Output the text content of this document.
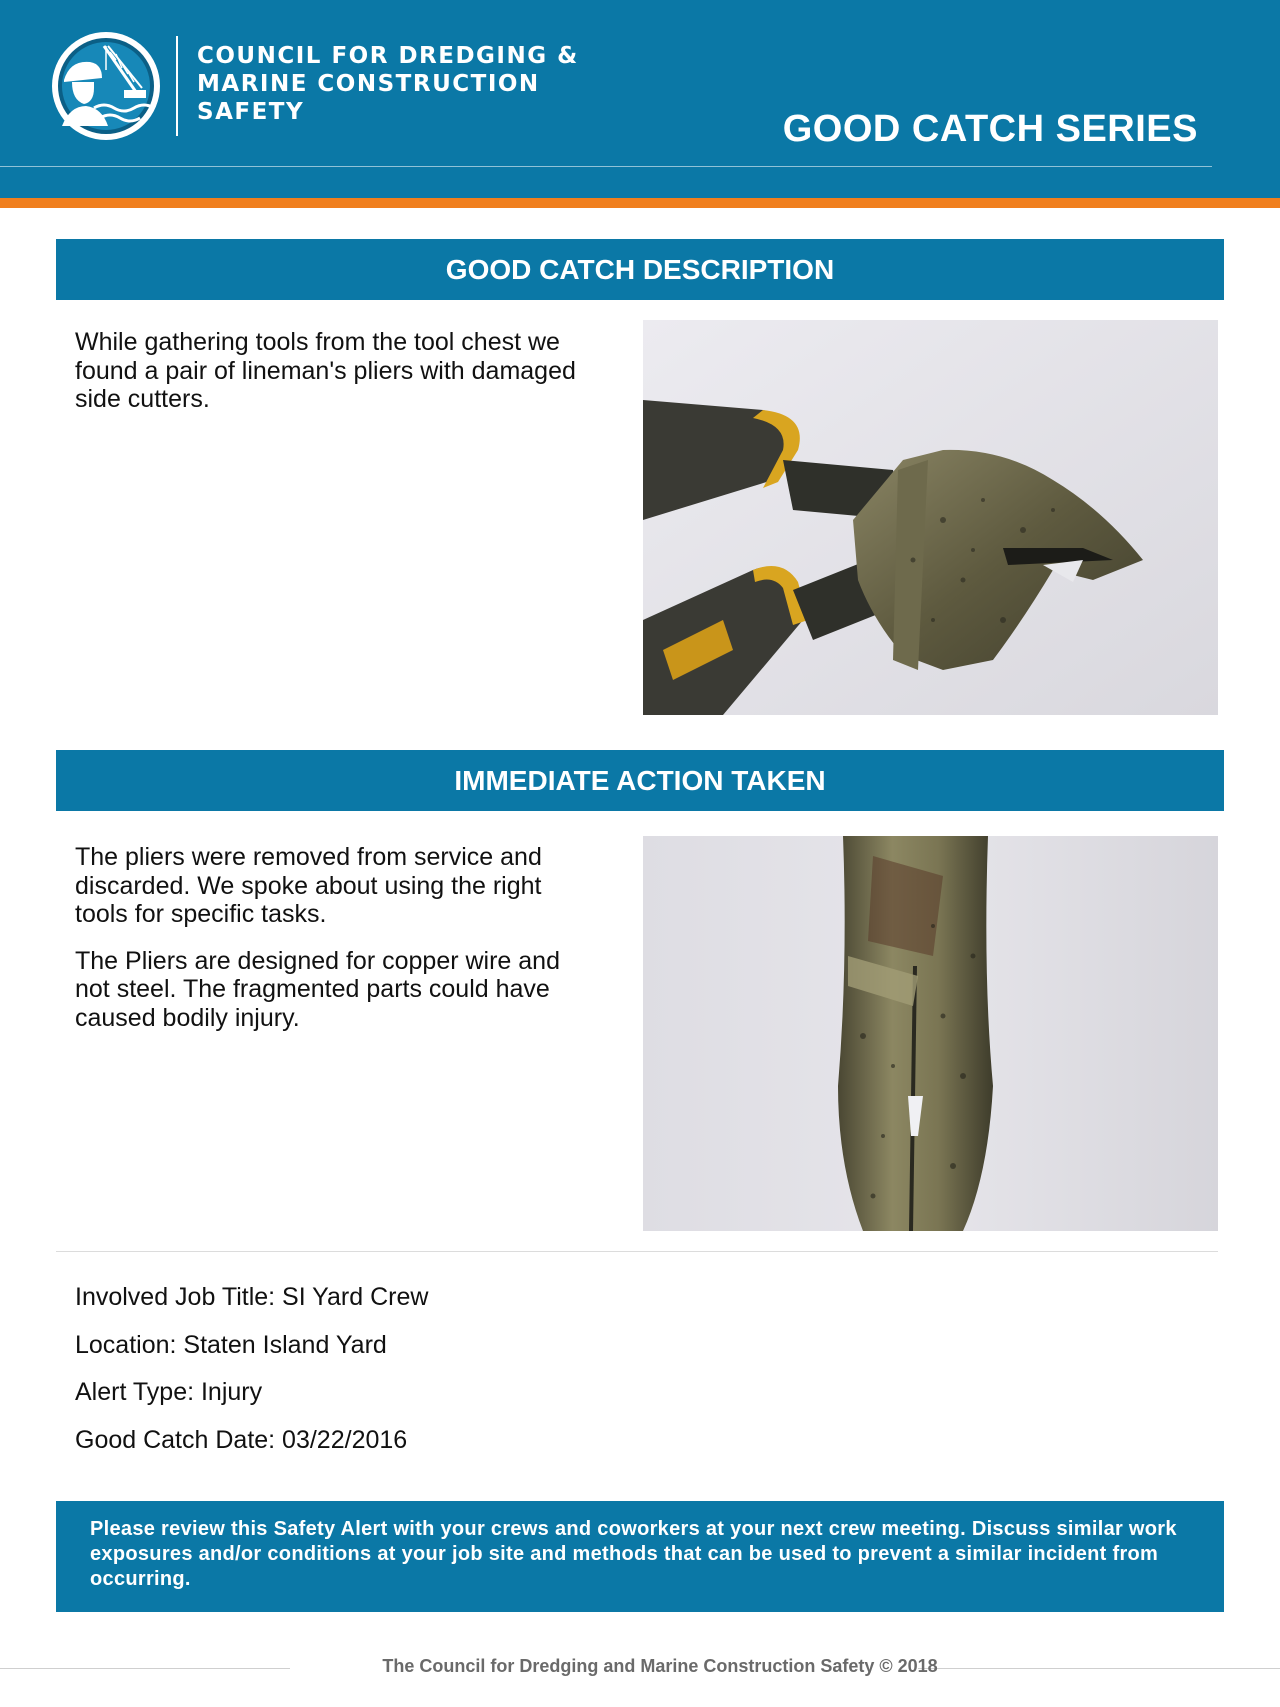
COUNCIL FOR DREDGING &
MARINE CONSTRUCTION
SAFETY	GOOD CATCH SERIES
GOOD CATCH DESCRIPTION

While gathering tools from the tool chest we found a pair of lineman's pliers with damaged side cutters.

IMMEDIATE ACTION TAKEN

The pliers were removed from service and discarded. We spoke about using the right tools for specific tasks.

The Pliers are designed for copper wire and not steel. The fragmented parts could have caused bodily injury.

Involved Job Title: SI Yard Crew
Location: Staten Island Yard
Alert Type: Injury
Good Catch Date: 03/22/2016
Please review this Safety Alert with your crews and coworkers at your next crew meeting. Discuss similar work exposures and/or conditions at your job site and methods that can be used to prevent a similar incident from occurring.
The Council for Dredging and Marine Construction Safety © 2018
